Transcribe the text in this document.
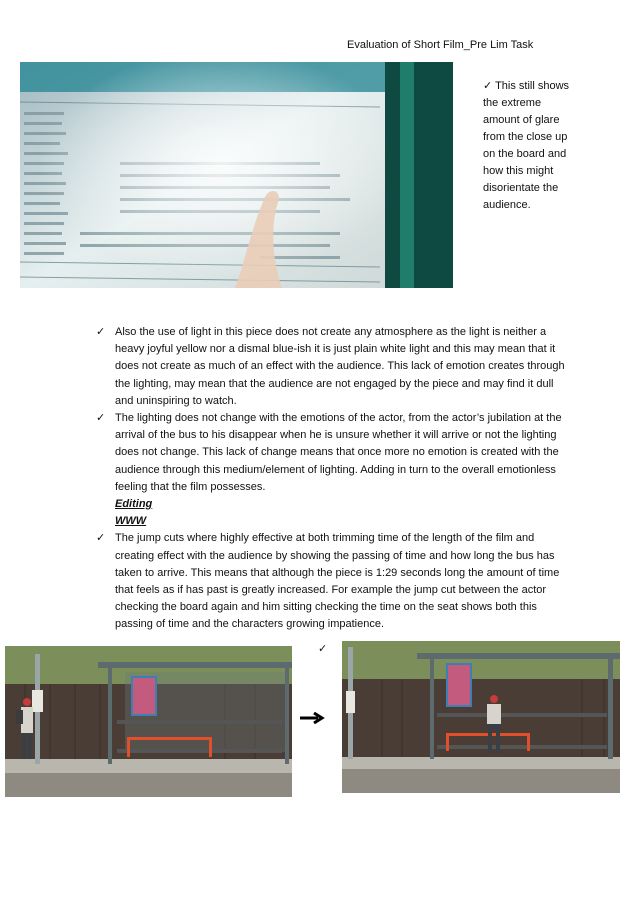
Evaluation of Short Film_Pre Lim Task
✓ This still shows the extreme amount of glare from the close up on the board and how this might disorientate the audience.
✓ Also the use of light in this piece does not create any atmosphere as the light is neither a heavy joyful yellow nor a dismal blue-ish it is just plain white light and this may mean that it does not create as much of an effect with the audience. This lack of emotion creates through the lighting, may mean that the audience are not engaged by the piece and may find it dull and uninspiring to watch.
✓ The lighting does not change with the emotions of the actor, from the actor’s jubilation at the arrival of the bus to his disappear when he is unsure whether it will arrive or not the lighting does not change. This lack of change means that once more no emotion is created with the audience through this medium/element of lighting. Adding in turn to the overall emotionless feeling that the film possesses.
Editing
WWW
✓ The jump cuts where highly effective at both trimming time of the length of the film and creating effect with the audience by showing the passing of time and how long the bus has taken to arrive. This means that although the piece is 1:29 seconds long the amount of time that feels as if has past is greatly increased. For example the jump cut between the actor checking the board again and him sitting checking the time on the seat shows both this passing of time and the characters growing impatience.
✓
